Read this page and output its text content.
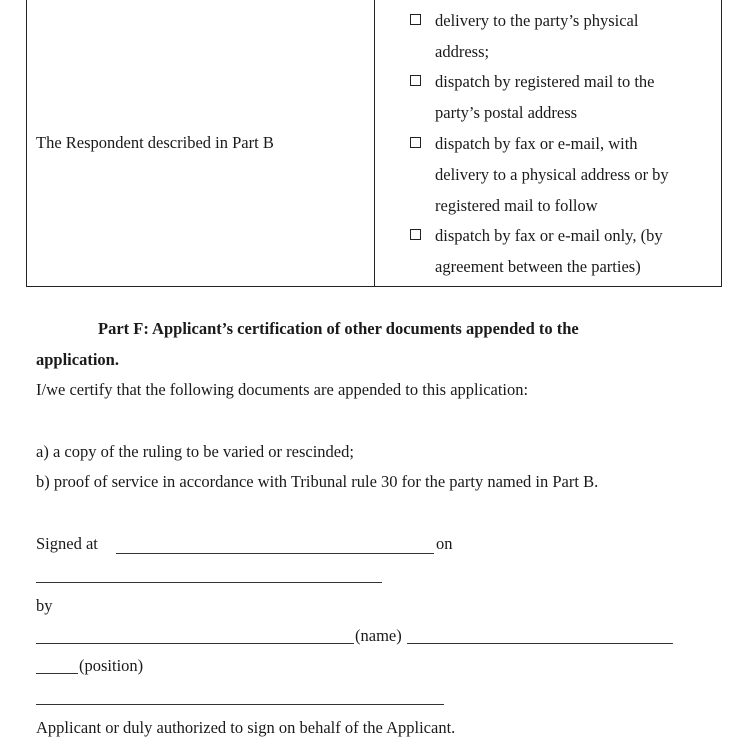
The Respondent described in Part B
delivery to the party’s physical
address;
dispatch by registered mail to the
party’s postal address
dispatch by fax or e-mail, with
delivery to a physical address or by
registered mail to follow
dispatch by fax or e-mail only, (by
agreement between the parties)
Part F: Applicant’s certification of other documents appended to the
application.
I/we certify that the following documents are appended to this application:
a) a copy of the ruling to be varied or rescinded;
b) proof of service in accordance with Tribunal rule 30 for the party named in Part B.
Signed at	on
by
(name)
(position)
Applicant or duly authorized to sign on behalf of the Applicant.
